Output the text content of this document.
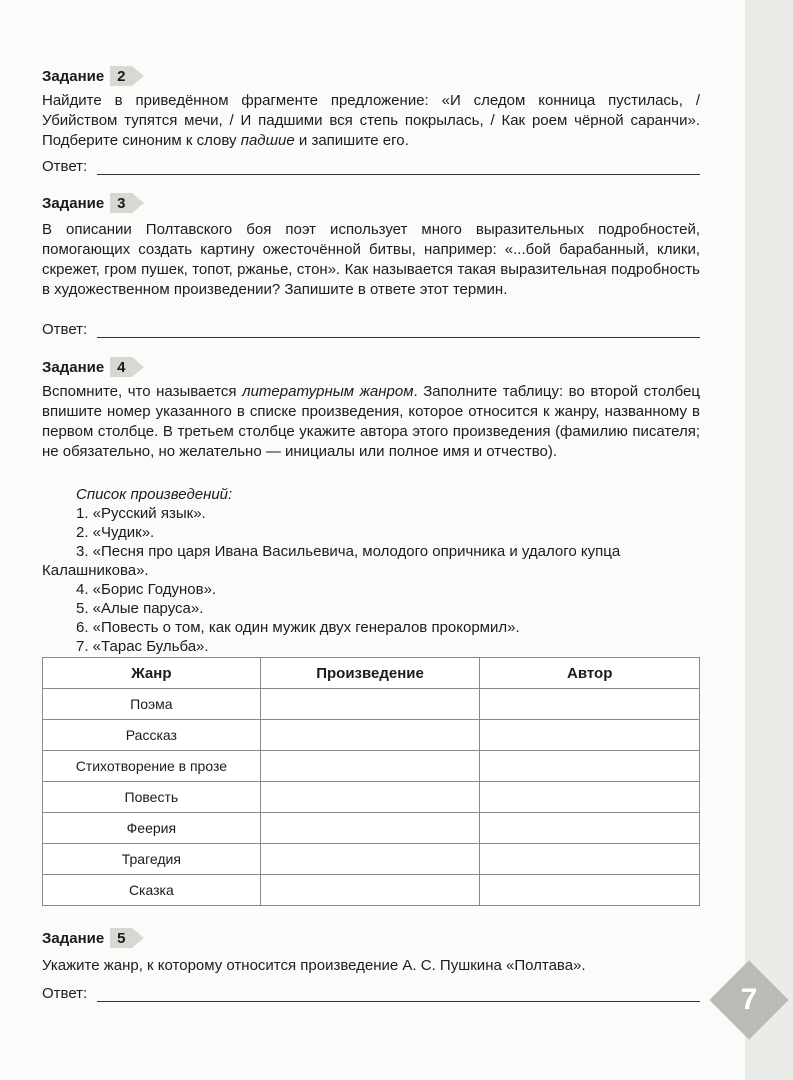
7
Задание 2
Найдите в приведённом фрагменте предложение: «И следом конница пустилась, / Убийством тупятся мечи, / И падшими вся степь покрылась, / Как роем чёрной саранчи». Подберите синоним к слову падшие и запишите его.
Ответ:
Задание 3
В описании Полтавского боя поэт использует много выразительных подробностей, помогающих создать картину ожесточённой битвы, например: «...бой барабанный, клики, скрежет, гром пушек, топот, ржанье, стон». Как называется такая выразительная подробность в художественном произведении? Запишите в ответе этот термин.
Ответ:
Задание 4
Вспомните, что называется литературным жанром. Заполните таблицу: во второй столбец впишите номер указанного в списке произведения, которое относится к жанру, названному в первом столбце. В третьем столбце укажите автора этого произведения (фамилию писателя; не обязательно, но желательно — инициалы или полное имя и отчество).
Список произведений:
1. «Русский язык».
2. «Чудик».
3. «Песня про царя Ивана Васильевича, молодого опричника и удалого купца
Калашникова».
4. «Борис Годунов».
5. «Алые паруса».
6. «Повесть о том, как один мужик двух генералов прокормил».
7. «Тарас Бульба».
Жанр	Произведение	Автор
Поэма		
Рассказ		
Стихотворение в прозе		
Повесть		
Феерия		
Трагедия		
Сказка		
Задание 5
Укажите жанр, к которому относится произведение А. С. Пушкина «Полтава».
Ответ:
